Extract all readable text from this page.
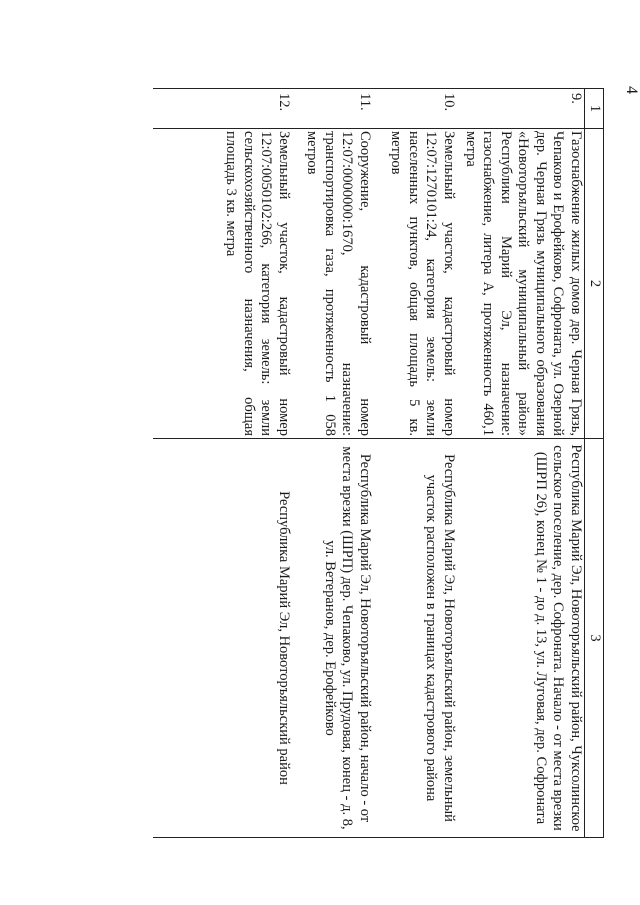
4
1	2	3
9.	Газоснабжение жилых домов дер. Черная Грязь, Чепаково и Ерофейково, Софроната, ул. Озерной дер. Черная Грязь муниципального образования «Новоторъяльский муниципальный район» Республики Марий Эл, назначение: газоснабжение, литера А, протяженность 460,1 метра	Республика Марий Эл, Новоторъяльский район, Чуксолинское сельское поселение, дер. Софроната. Начало - от места врезки (ШРП 26), конец № 1 - до д. 13, ул. Луговая, дер. Софроната

10.	Земельный участок, кадастровый номер 12:07:1270101:24, категория земель: земли населенных пунктов, общая площадь 5 кв. метров	Республика Марий Эл, Новоторъяльский район, земельный участок расположен в границах кадастрового района

11.	Сооружение, кадастровый номер 12:07:0000000:1670, назначение: транспортировка газа, протяженность 1 058 метров	Республика Марий Эл, Новоторъяльский район, начало - от места врезки (ШРП) дер. Чепаково, ул. Прудовая, конец - д. 8, ул. Ветеранов, дер. Ерофейково

12.	Земельный участок, кадастровый номер 12:07:0050102:266, категория земель: земли сельскохозяйственного назначения, общая площадь 3 кв. метра	Республика Марий Эл, Новоторъяльский район
